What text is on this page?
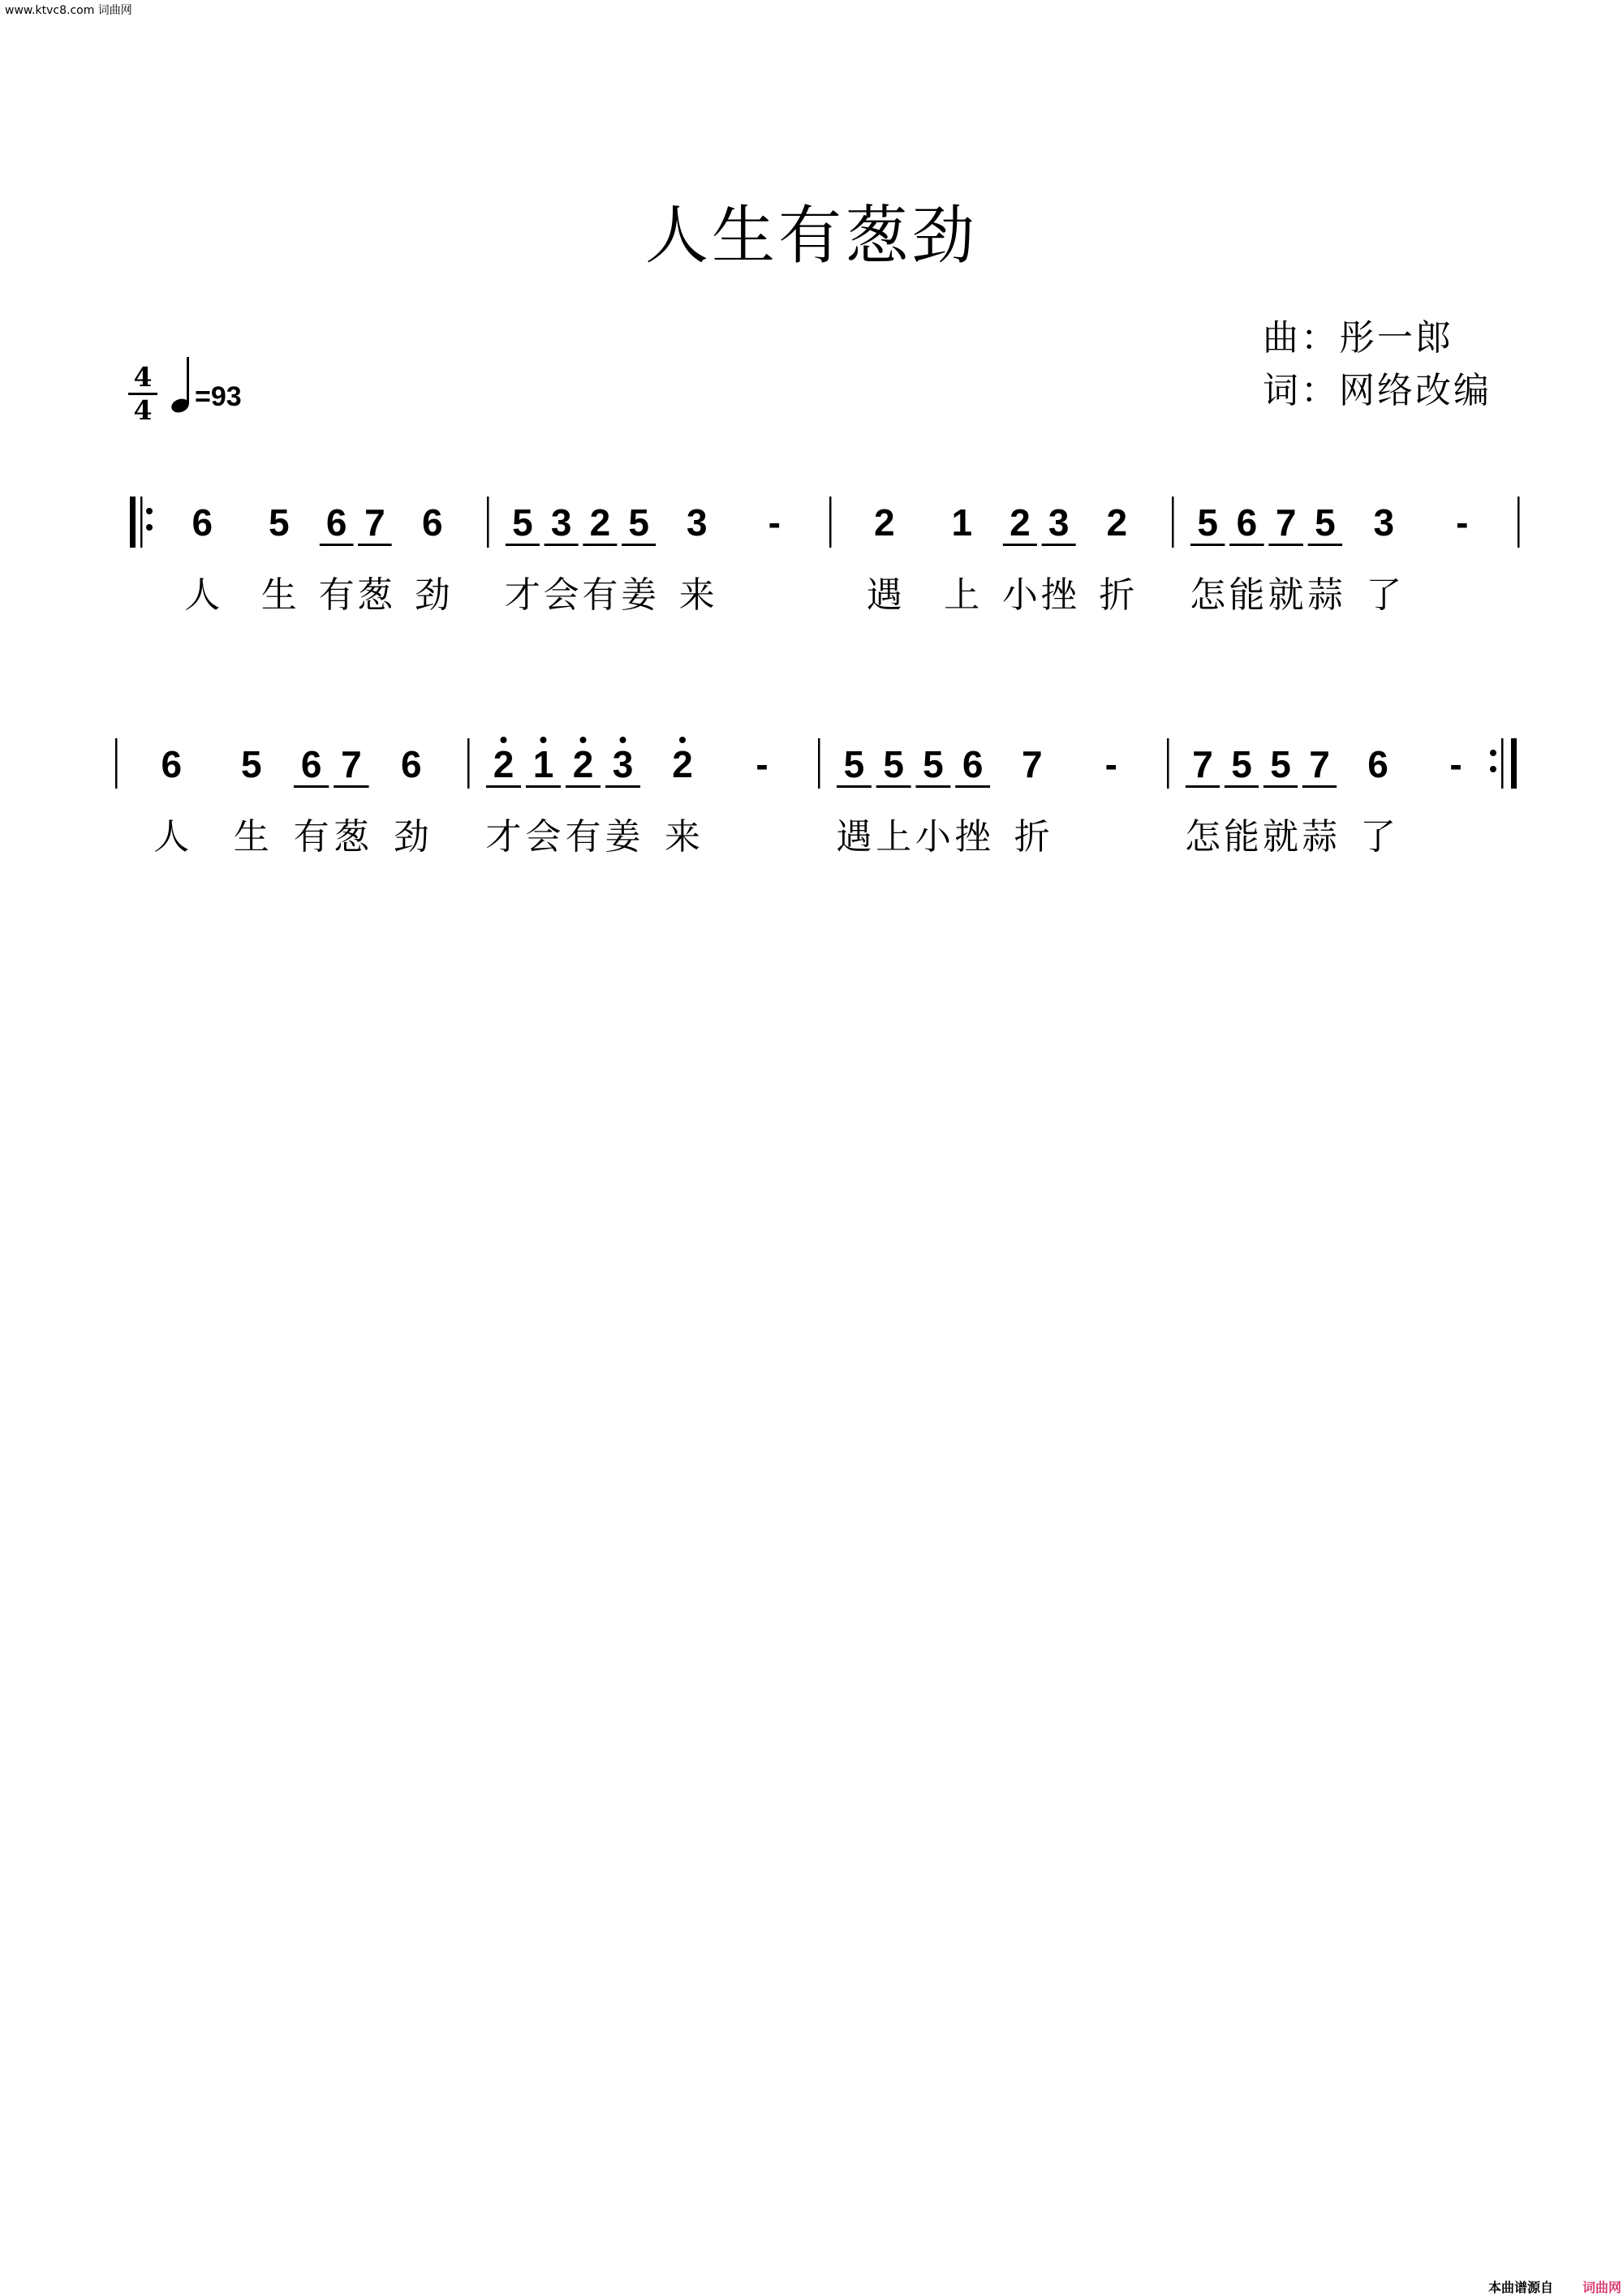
www.ktvc8.com 词曲网
人生有葱劲
曲：彤一郎
词：网络改编
4
4 =93
6 5 6 7 6
人 生 有 葱 劲
5 3 2 5 3 -
才 会 有 姜 来
2 1 2 3 2
遇 上 小 挫 折
5 6 7 5 3 -
怎 能 就 蒜 了
6 5 6 7 6
人 生 有 葱 劲
2 1 2 3 2 -
才 会 有 姜 来
5 5 5 6 7 -
遇 上 小 挫 折
7 5 5 7 6 -
怎 能 就 蒜 了
本曲谱源自 词曲网
